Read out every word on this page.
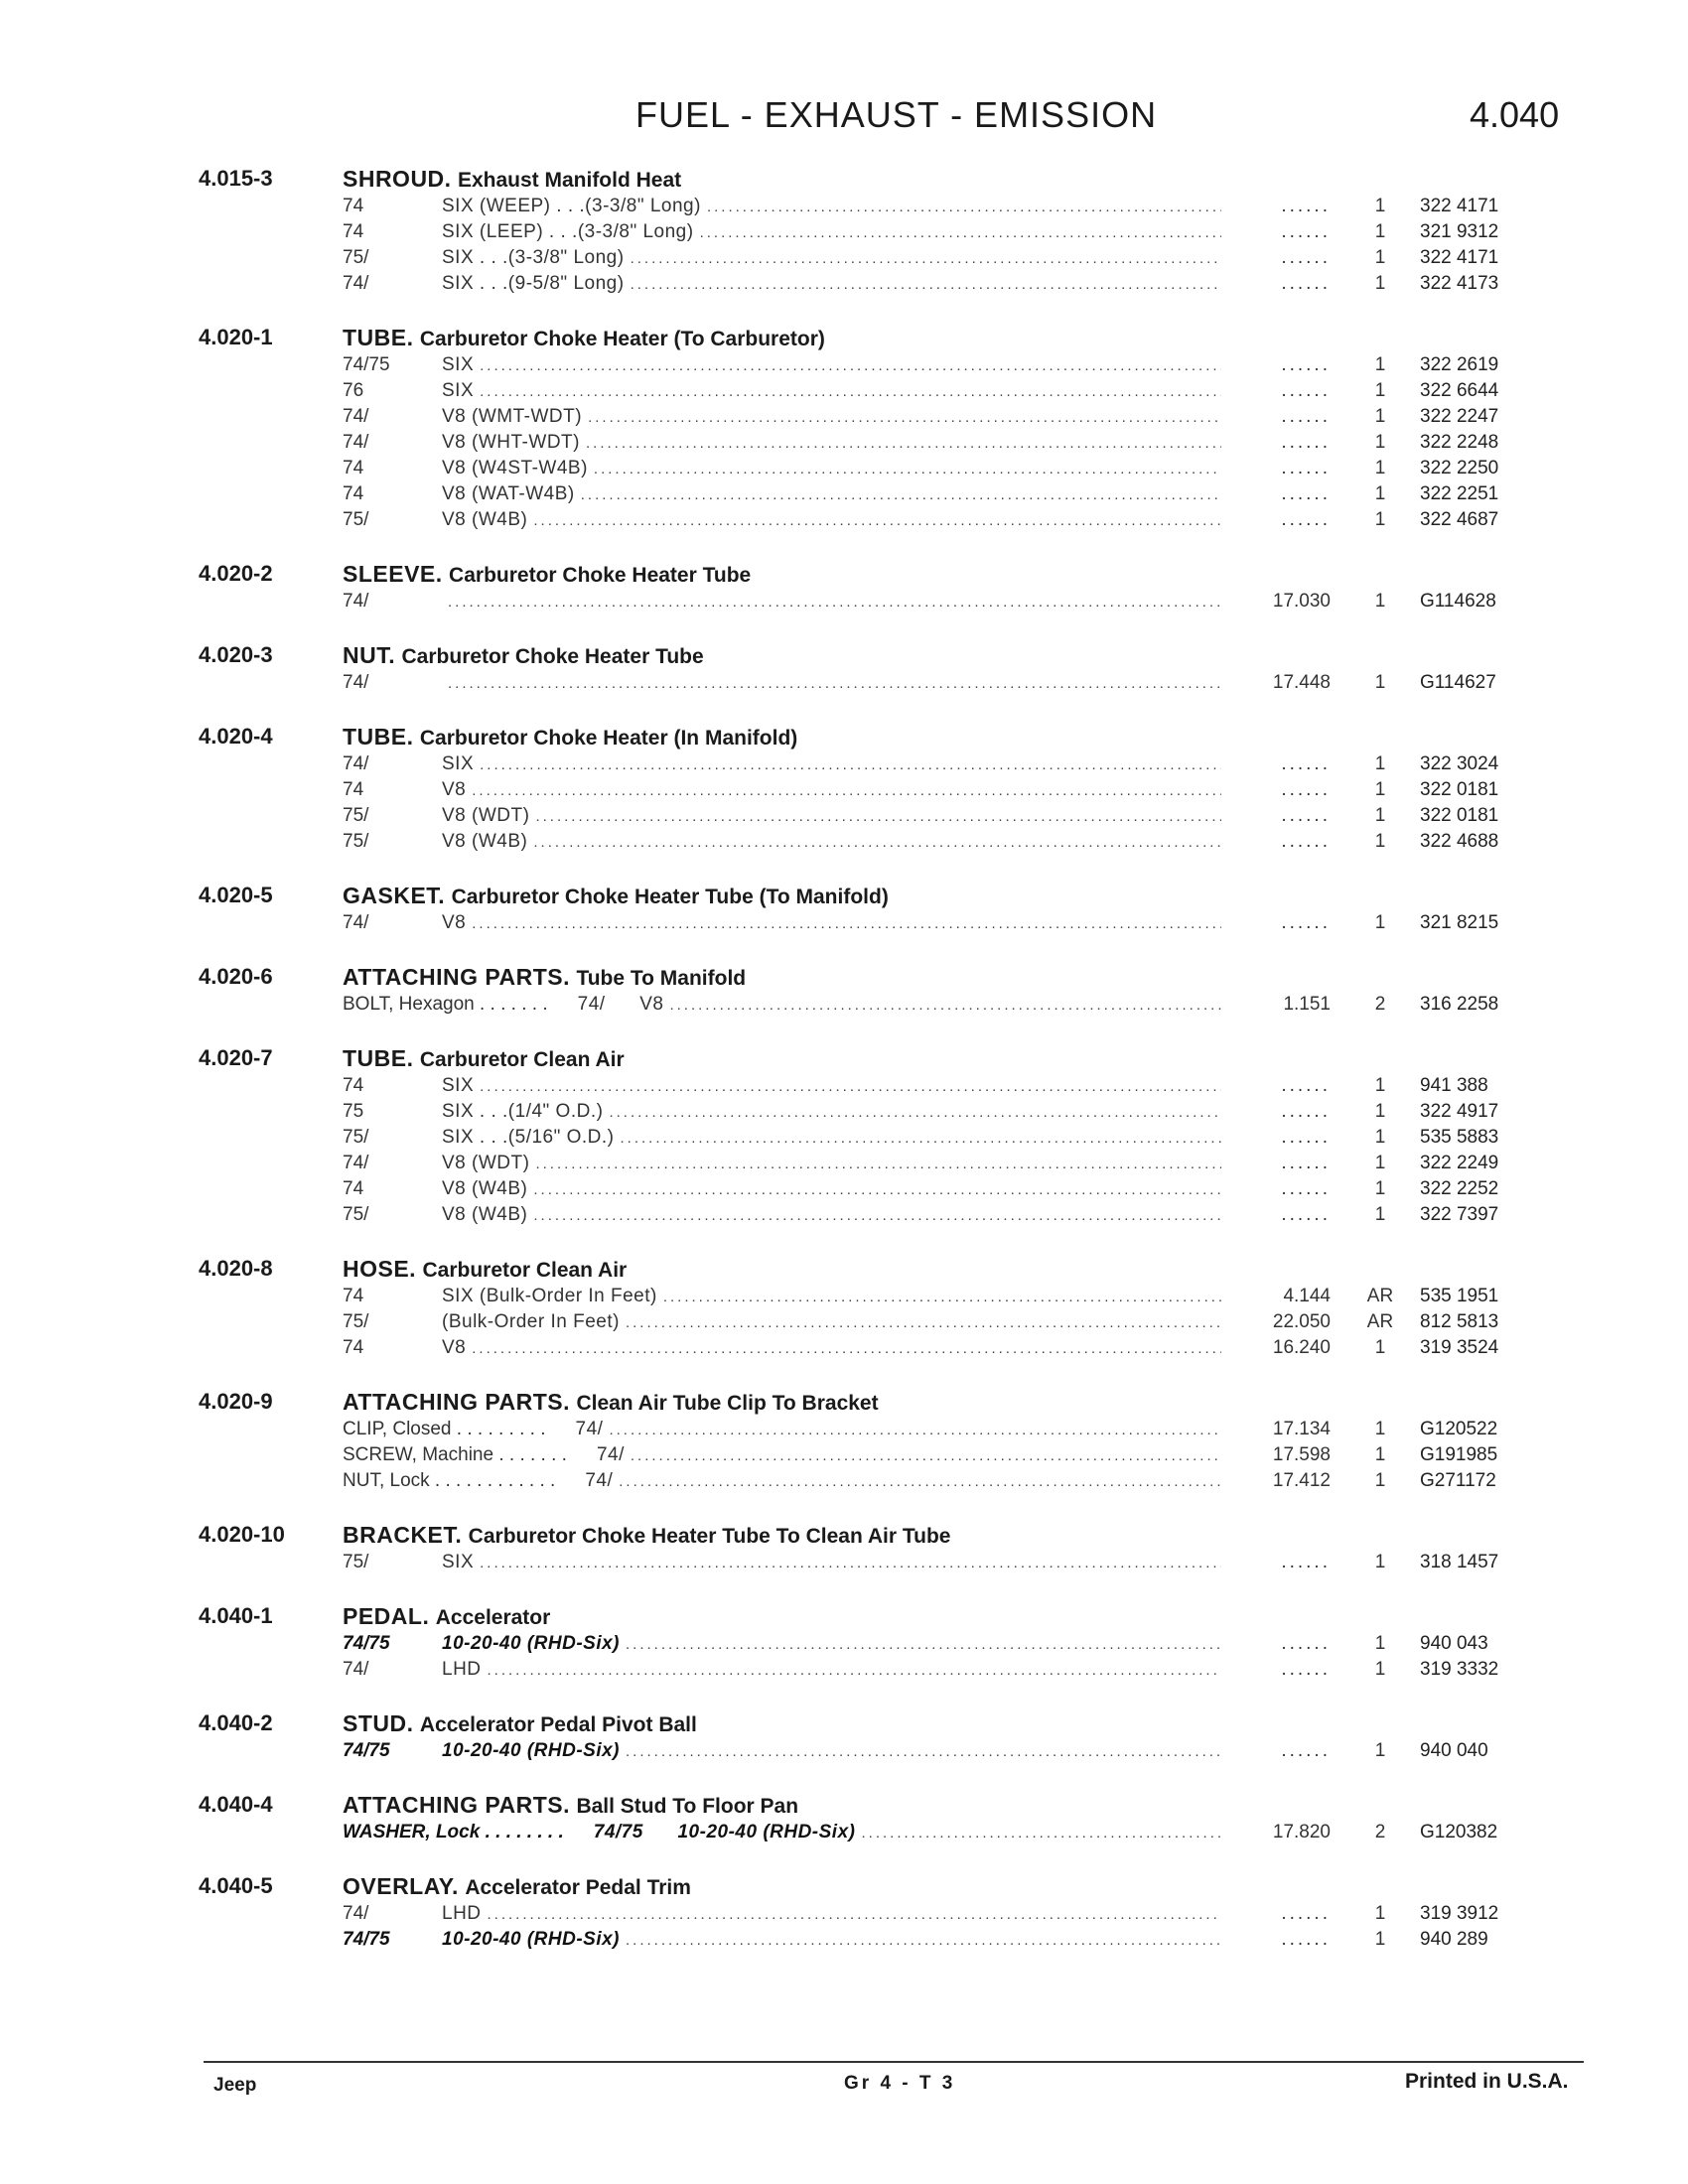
FUEL - EXHAUST - EMISSION	4.040
4.015-3	SHROUD. Exhaust Manifold Heat
74	SIX (WEEP) . . .(3-3/8" Long) .....	......	1	322 4171
74	SIX (LEEP) . . .(3-3/8" Long) .....	......	1	321 9312
75/	SIX . . .(3-3/8" Long) .....	......	1	322 4171
74/	SIX . . .(9-5/8" Long) .....	......	1	322 4173
4.020-1	TUBE. Carburetor Choke Heater (To Carburetor)
74/75	SIX .....	......	1	322 2619
76	SIX .....	......	1	322 6644
74/	V8 (WMT-WDT) .....	......	1	322 2247
74/	V8 (WHT-WDT) .....	......	1	322 2248
74	V8 (W4ST-W4B) .....	......	1	322 2250
74	V8 (WAT-W4B) .....	......	1	322 2251
75/	V8 (W4B) .....	......	1	322 4687
4.020-2	SLEEVE. Carburetor Choke Heater Tube
74/ .....	17.030	1	G114628
4.020-3	NUT. Carburetor Choke Heater Tube
74/ .....	17.448	1	G114627
4.020-4	TUBE. Carburetor Choke Heater (In Manifold)
74/	SIX .....	......	1	322 3024
74	V8 .....	......	1	322 0181
75/	V8 (WDT) .....	......	1	322 0181
75/	V8 (W4B) .....	......	1	322 4688
4.020-5	GASKET. Carburetor Choke Heater Tube (To Manifold)
74/	V8 .....	......	1	321 8215
4.020-6	ATTACHING PARTS. Tube To Manifold
BOLT, Hexagon . . . . . . .	74/      V8 .....	1.151	2	316 2258
4.020-7	TUBE. Carburetor Clean Air
74	SIX .....	......	1	941 388
75	SIX . . .(1/4" O.D.) .....	......	1	322 4917
75/	SIX . . .(5/16" O.D.) .....	......	1	535 5883
74/	V8 (WDT) .....	......	1	322 2249
74	V8 (W4B) .....	......	1	322 2252
75/	V8 (W4B) .....	......	1	322 7397
4.020-8	HOSE. Carburetor Clean Air
74	SIX (Bulk-Order In Feet) .....	4.144	AR	535 1951
75/	(Bulk-Order In Feet) .....	22.050	AR	812 5813
74	V8 .....	16.240	1	319 3524
4.020-9	ATTACHING PARTS. Clean Air Tube Clip To Bracket
CLIP, Closed . . . . . . . . .	74/ .....	17.134	1	G120522
SCREW, Machine . . . . . . .	74/ .....	17.598	1	G191985
NUT, Lock . . . . . . . . . . . .	74/ .....	17.412	1	G271172
4.020-10	BRACKET. Carburetor Choke Heater Tube To Clean Air Tube
75/	SIX .....	......	1	318 1457
4.040-1	PEDAL. Accelerator
74/75	10-20-40 (RHD-Six) .....	......	1	940 043
74/	LHD .....	......	1	319 3332
4.040-2	STUD. Accelerator Pedal Pivot Ball
74/75	10-20-40 (RHD-Six) .....	......	1	940 040
4.040-4	ATTACHING PARTS. Ball Stud To Floor Pan
WASHER, Lock . . . . . . . .	74/75      10-20-40 (RHD-Six) .....	17.820	2	G120382
4.040-5	OVERLAY. Accelerator Pedal Trim
74/	LHD .....	......	1	319 3912
74/75	10-20-40 (RHD-Six) .....	......	1	940 289
Jeep	Gr 4 - T 3	Printed in U.S.A.
